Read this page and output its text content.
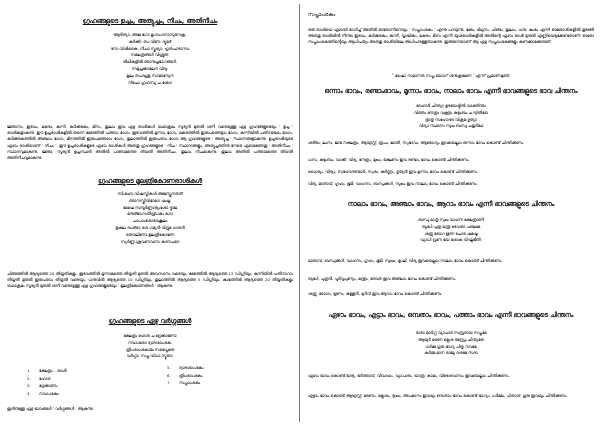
ഗ്രഹങ്ങളുടെ ഉച്ചം, അത്യുച്ചം, നീചം, അതിനീചം
ആദിത്യാ: അജ ഗോ മൃഗാംഗനാസുരനക്ര-
കർക്കി: ഝ വീണ: ദ്യുമദ്
ദസ വിശികൈ: നീചാ സ്തൂര്യാ: ഹൃതപാദാനാം
നക്ഷത്രങ്ങൾ വിശ്രുത:
തിഥികളിൽ ഞാനുച്ചഭാഗങ്ങൾ-
ന്നമുച്ചക്കാലേന വിദ്യ:
മൂലം തപദ്ധൂതു സാമാന്യേന
നീചോ ഗ്രഹസ്യ ച ഭാഗേ
ജ്ഞാനം, ഇടവം, മകരം, കന്നി, കർക്കടകം, മീനം, തുലാം ഇവ ഏഴു രാശികൾ യഥാക്രമം സൂര്യൻ മുതൽ ശനി വരെയുള്ള ഏഴു ഗ്രഹങ്ങളുടെയും ' ഉച്ച ' രാശികളാകുന്നു. ഈ ഉച്ചരാശികളിൽ തന്നെ മേടത്തിൽ പത്താം ഭാഗം, ഇടവത്തിൽ മൂന്നാം ഭാഗം, മകരത്തിൽ ഇരുപത്തെട്ടാം ഭാഗം, കന്നിയിൽ പതിനഞ്ചാം ഭാഗം, കർക്കടകത്തിൽ അഞ്ചാം ഭാഗം, മീനത്തിൽ ഇരുപത്തേഴാം ഭാഗം, തുലാത്തിൽ ഇരുപതാം ഭാഗം ആ ഗ്രഹങ്ങളുടെ ' അത്യുച്ച ' സ്ഥാനങ്ങളാകുന്നു. ഉച്ചരാശിയുടെ ഏഴാം രാശിയാണ് ' നീചം '. ഈ ഉച്ചരാശികളുടെ ഏഴാം രാശികൾ അതതു ഗ്രഹങ്ങളുടെ ' നീച ' സ്ഥാനങ്ങളും, അത്യുച്ചത്തിനു നേരെ ഏഴാമത്തേതു ' അതിനീചം ' സ്ഥാനവുമാകുന്നു. ജ്ഞാ, സൂര്യൻ ഉച്ചസ്ഥൻ അതിൽ പത്താമത്തെ തീയതി അതിനീചം. തുലാം നീചമാകുന്നു. തുലാം അതിൽ പത്താമത്തെ തീയതി അതിനീചവുമാകുന്നു.
ഗ്രഹങ്ങളുടെ മൂലത്രികോണരാശികൾ
സിംഹോ വിഷസ്തികൾ:അജസ്തൂനതത്
ഞാനസ്ത്രീവിഭാഗേ ഷഷ്ഠ:
മേഷേ സമ്പൂർണ്ണാര്യംശോ ദ്ഭാജ
മനുര്ഭാഗാതീവ്ര്ധകം ഗോ
ചാപാംശോഭവകൂലം
ഋക്ഷം ദംശ്ട്രാ ദശ ഗമ്യൻ വിദ്രുമ ധാരൻ
തൌലിനോ മൂലത്രികോണേ
സ്വർണ്ണ ശ്രവണവാസ കരൗപമൗ
ചിങ്ങത്തിൽ ആദ്യത്തെ 20 തിയ്യതികളും, ഇടവത്തിൽ മൂന്നാമത്തെ തീയ്യതി മുതൽ അവസാനം വരെയും, മേടത്തിൽ ആദ്യത്തെ 12 ഡിഗ്രിയും, കന്നിയിൽ പതിനാറാം തീയ്യതി മുതൽ ഇരുപതാം തീയ്യതി വരെയും, ധനുവിൽ ആദ്യത്തെ 10 ഡിഗ്രിയും, തുലാത്തിൽ ആദ്യത്തെ 5 ഡിഗ്രിയും, കുംഭത്തിൽ ആദ്യത്തെ 20 തീയ്യതികളും യഥാക്രമം സൂര്യൻ മുതൽ ശനി വരെയുള്ള ഏഴു ഗ്രഹങ്ങളുടെയും ' മൂലത്രികോണങ്ങൾ ' ആകുന്നു.
ഗ്രഹങ്ങളുടെ ഏഴു വർഗ്ഗങ്ങൾ
ക്ഷേത്രം ഹോര ച ദ്രേക്കാണോ
നവാംശോ ദ്വാദശാംശക:
ത്രിംശാംശകശ്ച സപ്തൈതേ
വർഗ്ഗാ: സപ്ത വിധാ സ്മൃതാ:
1. ക്ഷേത്രം – രാശി
2. ഹോര
3. ദ്രേക്കാണം
4. നവാംശകം
5. ദ്വാദശാംശകം
6. ത്രിംശാംശകം
7. സപ്താംശകം
ഇതിനുള്ള ഏഴു ഭാവങ്ങൾ ' വർഗ്ഗങ്ങൾ ' ആകുന്നു.
സപ്താംശകം
ഒരു രാശിയെ ഏഴായി ഭാഗിച്ച് അതിൽ ഓരോന്നിനെയും ' സപ്താംശകം ' എന്നു പറയുന്നു. മേടം, മിഥുനം, ചിങ്ങം, തുലാം, ധനു, കുംഭം എന്നീ ഓജരാശികളിൽ തുടങ്ങി അതതു രാശിയിൽ നിന്നും ഇടവം, കർക്കടകം, കന്നി, വൃശ്ചികം, മകരം, മീനം എന്നീ യുഗ്മരാശികളിൽ അതിന്റെ ഏഴാം രാശി മുതൽ എണ്ണിയെടുക്കേണ്ടതാണ്. ഓരോ സപ്താംശകത്തിന്റെയും ആധിപത്യം അതതു രാശിയിലെ അധിപനുള്ളതാകുന്നു. ഇങ്ങനെയാണ് ആ ഏഴു സപ്താംശകങ്ങളും കണക്കാക്കേണ്ടത്.
" മേഷാ സമാനത സപ്ത യോഗ് ശനുക്രമേണ ' എന്ന് പ്രമാണമുണ്ട്.
ഒന്നാം ഭാവം, രണ്ടാംഭാവം, മൂന്നാം ഭാവം, നാലാം ഭാവം എന്നീ ഭാവങ്ങളുടെ ഭാവ ചിന്തനം
ദേഹാദി ചിന്ത്യാ ഉദയേശ്മിൽ വാക്തിന്തം
വിത്തം നേത്രം വക്ത്രം കുടുംബം ച ദ്വിതീയേ
ഭ്രാതൃ സഹോദര വിക്രമ ഭൃത്യാ
വിദ്യാ സ്ഥാനം സുഖ ബന്ധു ചതുർഥേ
ശരീരം, ലഗ്നം, ജന്മ നക്ഷത്രം, ആയുസ്സ്, രൂപം, ജാതി, സ്വഭാവം, ആരോഗ്യം ഇവയെല്ലാം ഒന്നാം ഭാവം കൊണ്ട് ചിന്തിക്കണം.
ധനം, കുടുംബം, വാക്ക്, വിദ്യ, നേത്രം, മുഖം, ഭക്ഷണം ഇവ രണ്ടാം ഭാവം കൊണ്ട് ചിന്തിക്കണം.
ധൈര്യം, വീര്യം, സഹോദരന്മാർ, സ്വരം, കർണ്ണം, ഭൃത്യൻ ഇവ മൂന്നാം ഭാവം കൊണ്ട് ചിന്തിക്കണം.
വിദ്യ, മാതാവ്, ഗൃഹം, ഭൂമി, വാഹനം, ബന്ധുക്കൾ, സുഖം ഇവ നാലാം ഭാവം കൊണ്ട് ചിന്തിക്കണം.
നാലാം ഭാവം, അഞ്ചാം ഭാവം, ആറാം ഭാവം എന്നീ ഭാവങ്ങളുടെ ചിന്തനം
ബന്ധു മാതൃ സുഖ വാഹന ക്ഷേത്രാണി
ബുദ്ധി പുത്ര മന്ത്ര ദേവതാ പഞ്ചമേ
ശത്രു രോഗ ഋണ ചോര ഷഷ്ഠേ
വ്യാധി വ്രണ ഭയ ശോക വിഘ്നഭീതി:
മാതാവ്, ബന്ധുക്കൾ, വാഹനം, ഗൃഹം, ഭൂമി, സുഖം, കൃഷി, വിദ്യ ഇവയെല്ലാം നാലാം ഭാവം കൊണ്ട് ചിന്തിക്കണം.
ബുദ്ധി, പുത്രൻ, പൂർവ്വപുണ്യം, മന്ത്രം, ദേവത ഇവ അഞ്ചാം ഭാവം കൊണ്ട് ചിന്തിക്കണം.
ശത്രു, രോഗം, ഋണം, കള്ളൻ, മുറിവ് ഇവ ആറാം ഭാവം കൊണ്ട് ചിന്തിക്കണം.
ഏഴാം ഭാവം, എട്ടാം ഭാവം, ഒമ്പതാം ഭാവം, പത്താം ഭാവം എന്നീ ഭാവങ്ങളുടെ ചിന്തനം
ദാരാ മാർഗ്ഗ വ്യാപാര സമ്പ്രദായ സപ്തമേ
ആയുർ മരണ ക്ലേശ രന്ധ്രേ ചിന്ത്യതേ
ധർമ്മ ഗുരു ഭാഗ്യ പിതൃ നവമേ
കർമ്മ മാന രാജ്യ ദശമേ സദാ
ഏഴാം ഭാവം കൊണ്ട് ഭാര്യ, ഭർത്താവ്, വിവാഹം, വ്യാപാരം, യാത്ര, കാമം, വിദേശവാസം ഇവയെല്ലാം ചിന്തിക്കണം.
എട്ടാം ഭാവം കൊണ്ട് ആയുസ്സ്, മരണം, ക്ലേശം, ദുഃഖം, അപമാനം ഇവയും ഒമ്പതാം ഭാവം കൊണ്ട് ഭാഗ്യം, ധർമ്മം, പിതാവ്, ഗുരു ഇവയും ചിന്തിക്കണം.
